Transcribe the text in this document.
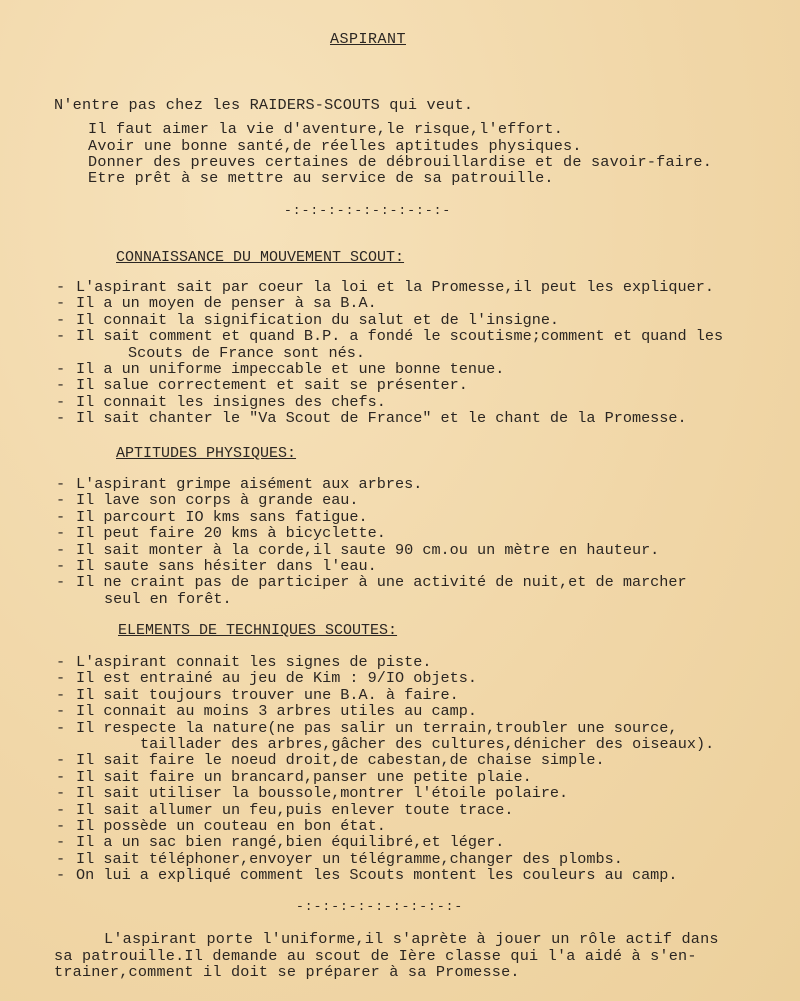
ASPIRANT
N'entre pas chez les RAIDERS-SCOUTS qui veut.
Il faut aimer la vie d'aventure,le risque,l'effort.
Avoir une bonne santé,de réelles aptitudes physiques.
Donner des preuves certaines de débrouillardise et de savoir-faire.
Etre prêt à se mettre au service de sa patrouille.
-:-:-:-:-:-:-:-:-:-
CONNAISSANCE DU MOUVEMENT SCOUT:
- L'aspirant sait par coeur la loi et la Promesse,il peut les expliquer.
- Il a un moyen de penser à sa B.A.
- Il connait la signification du salut et de l'insigne.
- Il sait comment et quand B.P. a fondé le scoutisme;comment et quand les
Scouts de France sont nés.
- Il a un uniforme impeccable et une bonne tenue.
- Il salue correctement et sait se présenter.
- Il connait les insignes des chefs.
- Il sait chanter le "Va Scout de France" et le chant de la Promesse.
APTITUDES PHYSIQUES:
- L'aspirant grimpe aisément aux arbres.
- Il lave son corps à grande eau.
- Il parcourt IO kms sans fatigue.
- Il peut faire 20 kms à bicyclette.
- Il sait monter à la corde,il saute 90 cm.ou un mètre en hauteur.
- Il saute sans hésiter dans l'eau.
- Il ne craint pas de participer à une activité de nuit,et de marcher
seul en forêt.
ELEMENTS DE TECHNIQUES SCOUTES:
- L'aspirant connait les signes de piste.
- Il est entrainé au jeu de Kim : 9/IO objets.
- Il sait toujours trouver une B.A. à faire.
- Il connait au moins 3 arbres utiles au camp.
- Il respecte la nature(ne pas salir un terrain,troubler une source,
taillader des arbres,gâcher des cultures,dénicher des oiseaux).
- Il sait faire le noeud droit,de cabestan,de chaise simple.
- Il sait faire un brancard,panser une petite plaie.
- Il sait utiliser la boussole,montrer l'étoile polaire.
- Il sait allumer un feu,puis enlever toute trace.
- Il possède un couteau en bon état.
- Il a un sac bien rangé,bien équilibré,et léger.
- Il sait téléphoner,envoyer un télégramme,changer des plombs.
- On lui a expliqué comment les Scouts montent les couleurs au camp.
-:-:-:-:-:-:-:-:-:-
L'aspirant porte l'uniforme,il s'aprète à jouer un rôle actif dans
sa patrouille.Il demande au scout de Ière classe qui l'a aidé à s'en-
trainer,comment il doit se préparer à sa Promesse.
